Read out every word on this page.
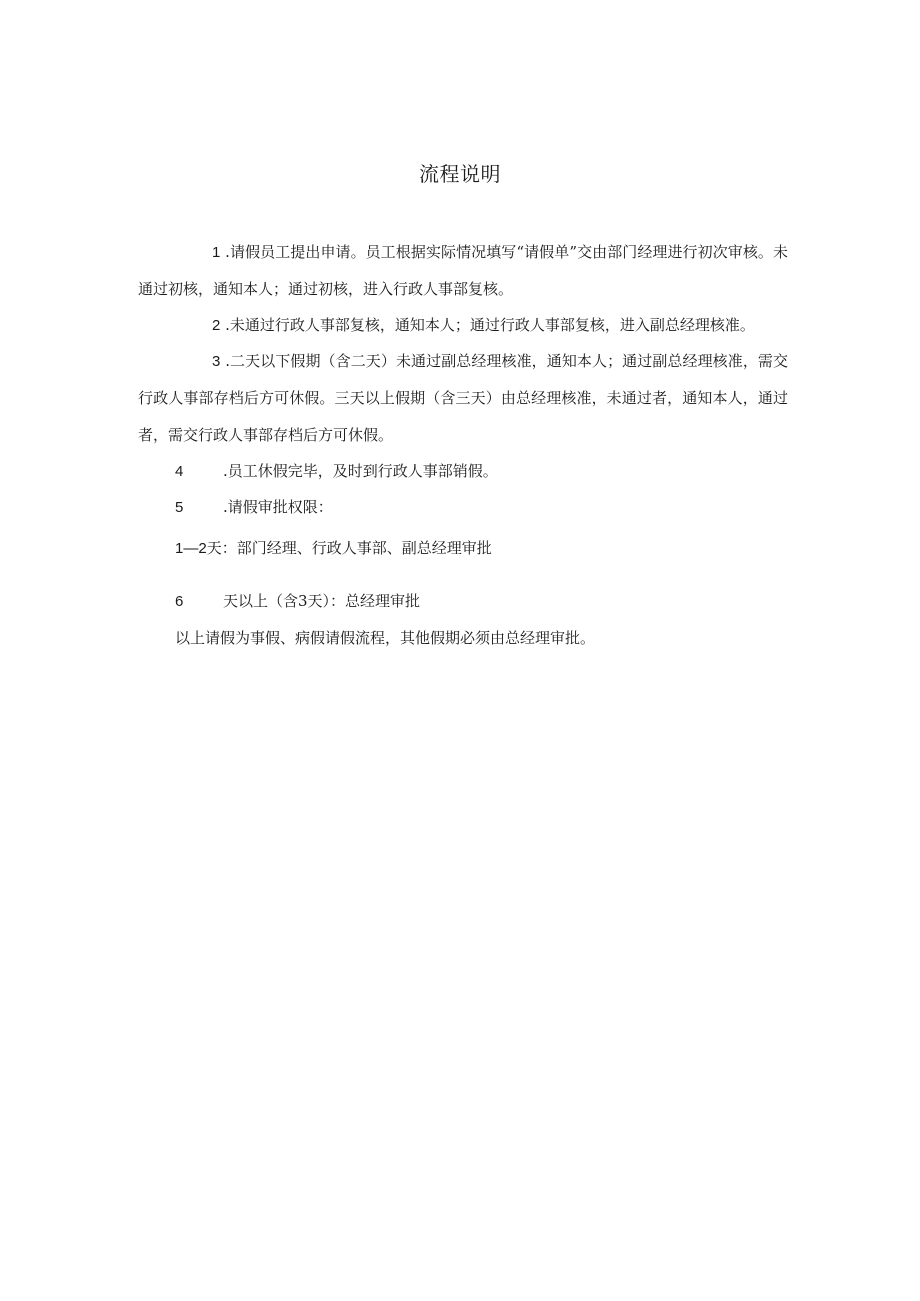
流程说明

1 .请假员工提出申请。员工根据实际情况填写“请假单”交由部门经理进行初次审核。未通过初核，通知本人；通过初核，进入行政人事部复核。

2 .未通过行政人事部复核，通知本人；通过行政人事部复核，进入副总经理核准。

3 .二天以下假期（含二天）未通过副总经理核准，通知本人；通过副总经理核准，需交行政人事部存档后方可休假。三天以上假期（含三天）由总经理核准，未通过者，通知本人，通过者，需交行政人事部存档后方可休假。

4	.员工休假完毕，及时到行政人事部销假。
5	.请假审批权限：
1—2天：部门经理、行政人事部、副总经理审批
6	天以上（含3天）：总经理审批
以上请假为事假、病假请假流程，其他假期必须由总经理审批。
